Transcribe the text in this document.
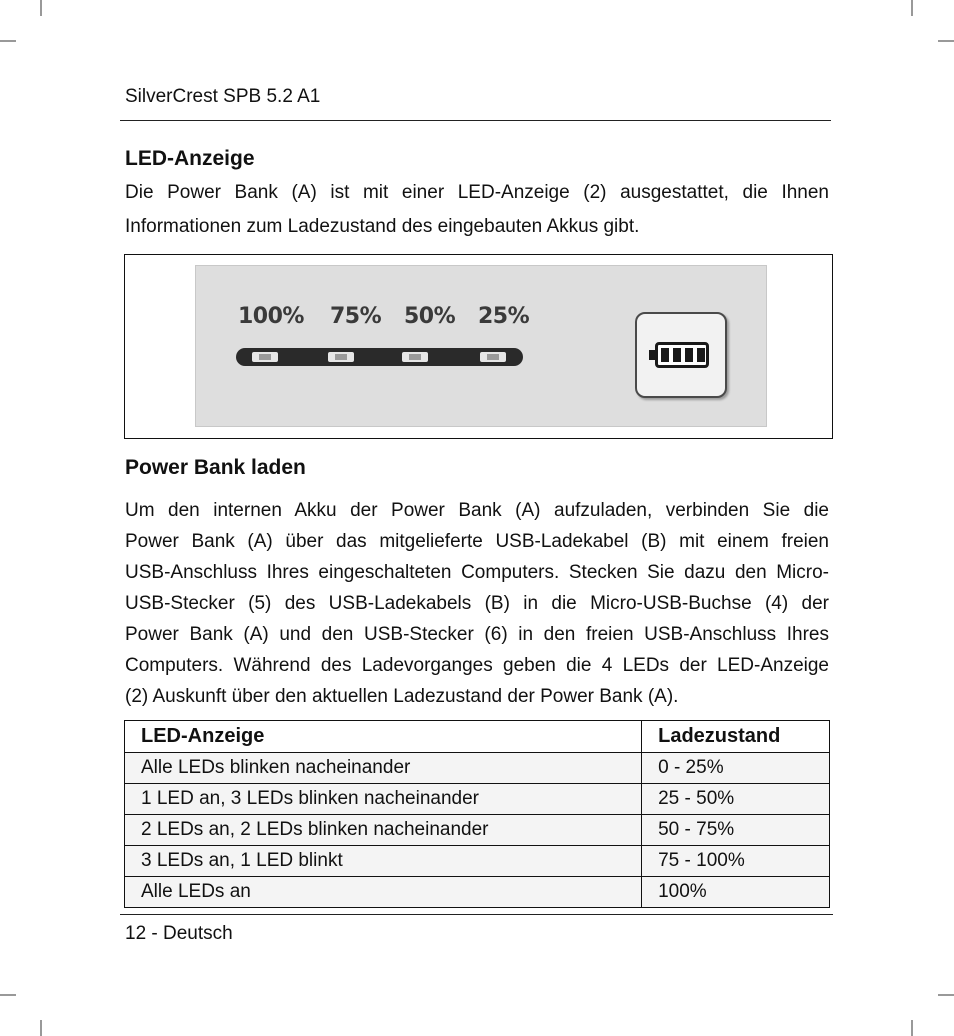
SilverCrest SPB 5.2 A1
LED-Anzeige
Die Power Bank (A) ist mit einer LED-Anzeige (2) ausgestattet, die Ihnen
Informationen zum Ladezustand des eingebauten Akkus gibt.
100% 75% 50% 25%
Power Bank laden
Um den internen Akku der Power Bank (A) aufzuladen, verbinden Sie die
Power Bank (A) über das mitgelieferte USB-Ladekabel (B) mit einem freien
USB-Anschluss Ihres eingeschalteten Computers. Stecken Sie dazu den Micro-
USB-Stecker (5) des USB-Ladekabels (B) in die Micro-USB-Buchse (4) der
Power Bank (A) und den USB-Stecker (6) in den freien USB-Anschluss Ihres
Computers. Während des Ladevorganges geben die 4 LEDs der LED-Anzeige
(2) Auskunft über den aktuellen Ladezustand der Power Bank (A).
LED-Anzeige	Ladezustand
Alle LEDs blinken nacheinander	0 - 25%
1 LED an, 3 LEDs blinken nacheinander	25 - 50%
2 LEDs an, 2 LEDs blinken nacheinander	50 - 75%
3 LEDs an, 1 LED blinkt	75 - 100%
Alle LEDs an	100%
12 - Deutsch
